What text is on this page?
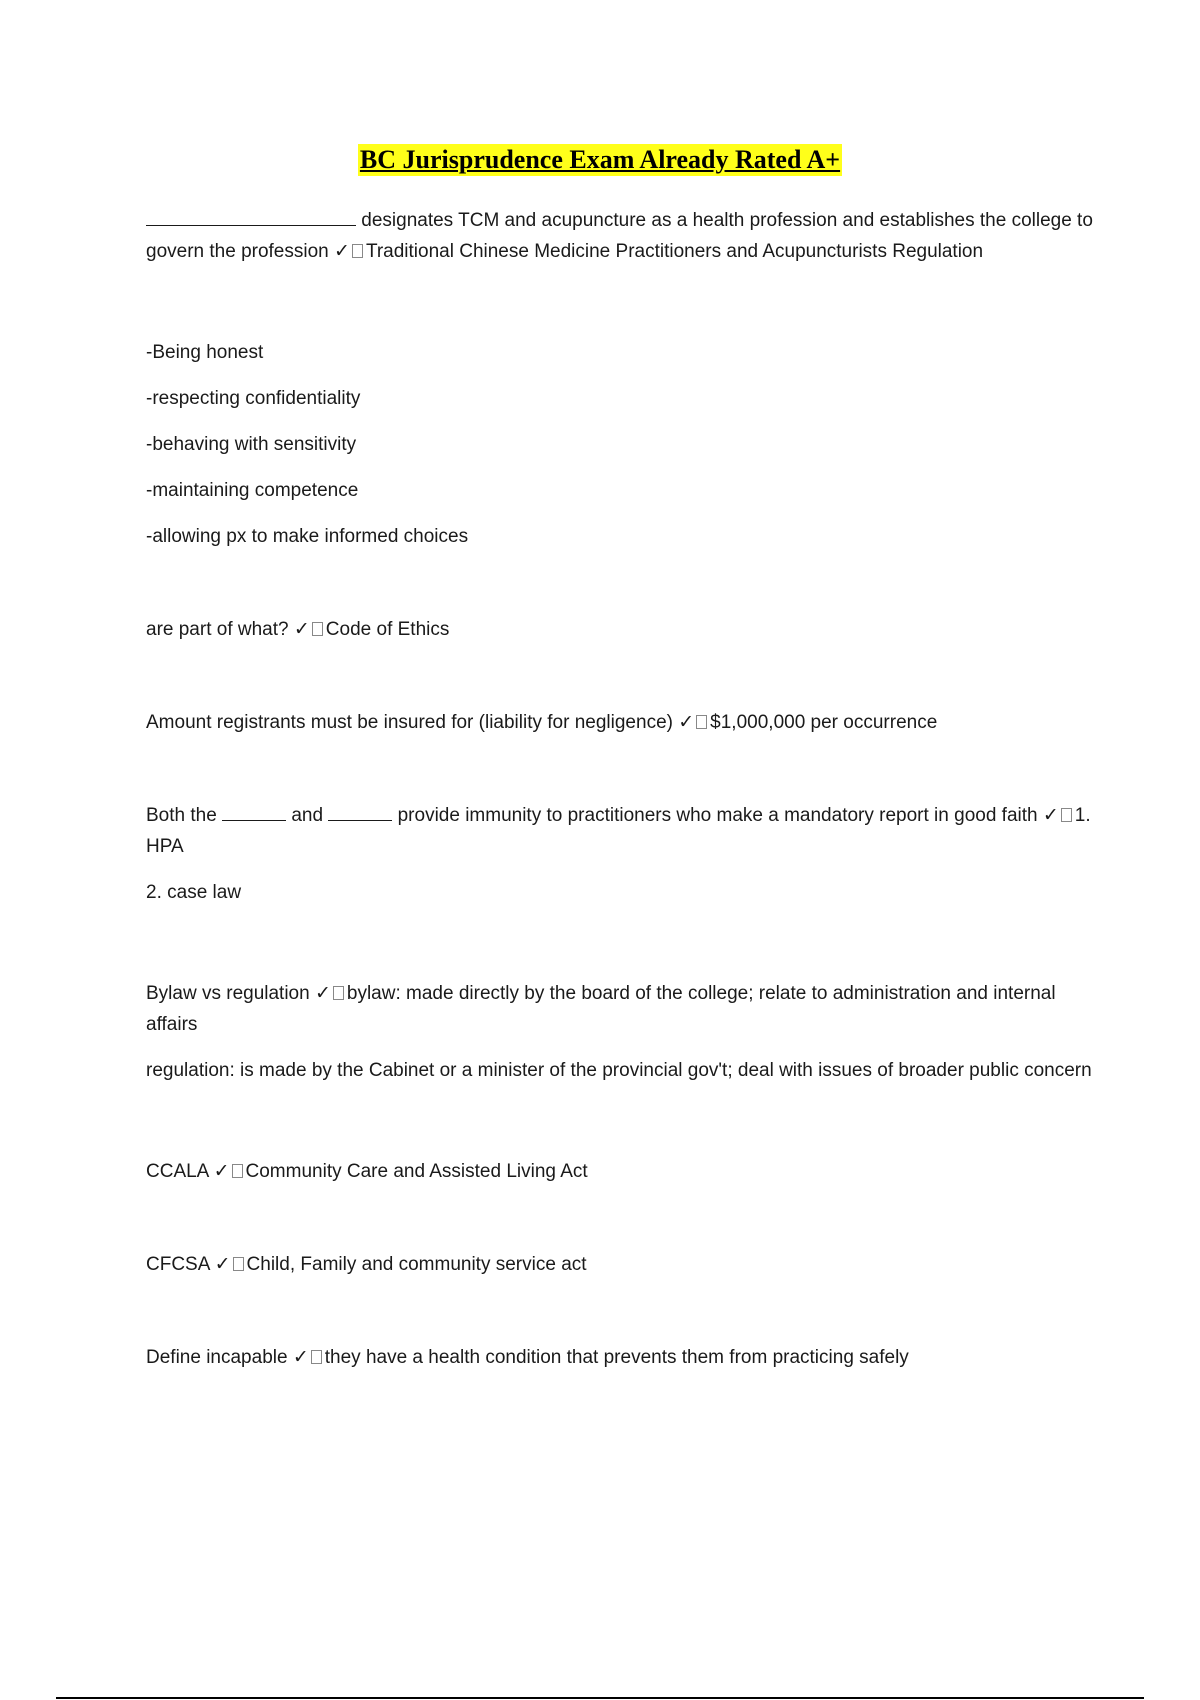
BC Jurisprudence Exam Already Rated A+

designates TCM and acupuncture as a health profession and establishes the college to govern the profession ✓ Traditional Chinese Medicine Practitioners and Acupuncturists Regulation

-Being honest

-respecting confidentiality

-behaving with sensitivity

-maintaining competence

-allowing px to make informed choices

are part of what? ✓ Code of Ethics

Amount registrants must be insured for (liability for negligence) ✓ $1,000,000 per occurrence

Both the	and	provide immunity to practitioners who make a mandatory report in good faith ✓ 1. HPA

2. case law

Bylaw vs regulation ✓ bylaw: made directly by the board of the college; relate to administration and internal affairs

regulation: is made by the Cabinet or a minister of the provincial gov't; deal with issues of broader public concern

CCALA ✓ Community Care and Assisted Living Act

CFCSA ✓ Child, Family and community service act

Define incapable ✓ they have a health condition that prevents them from practicing safely
